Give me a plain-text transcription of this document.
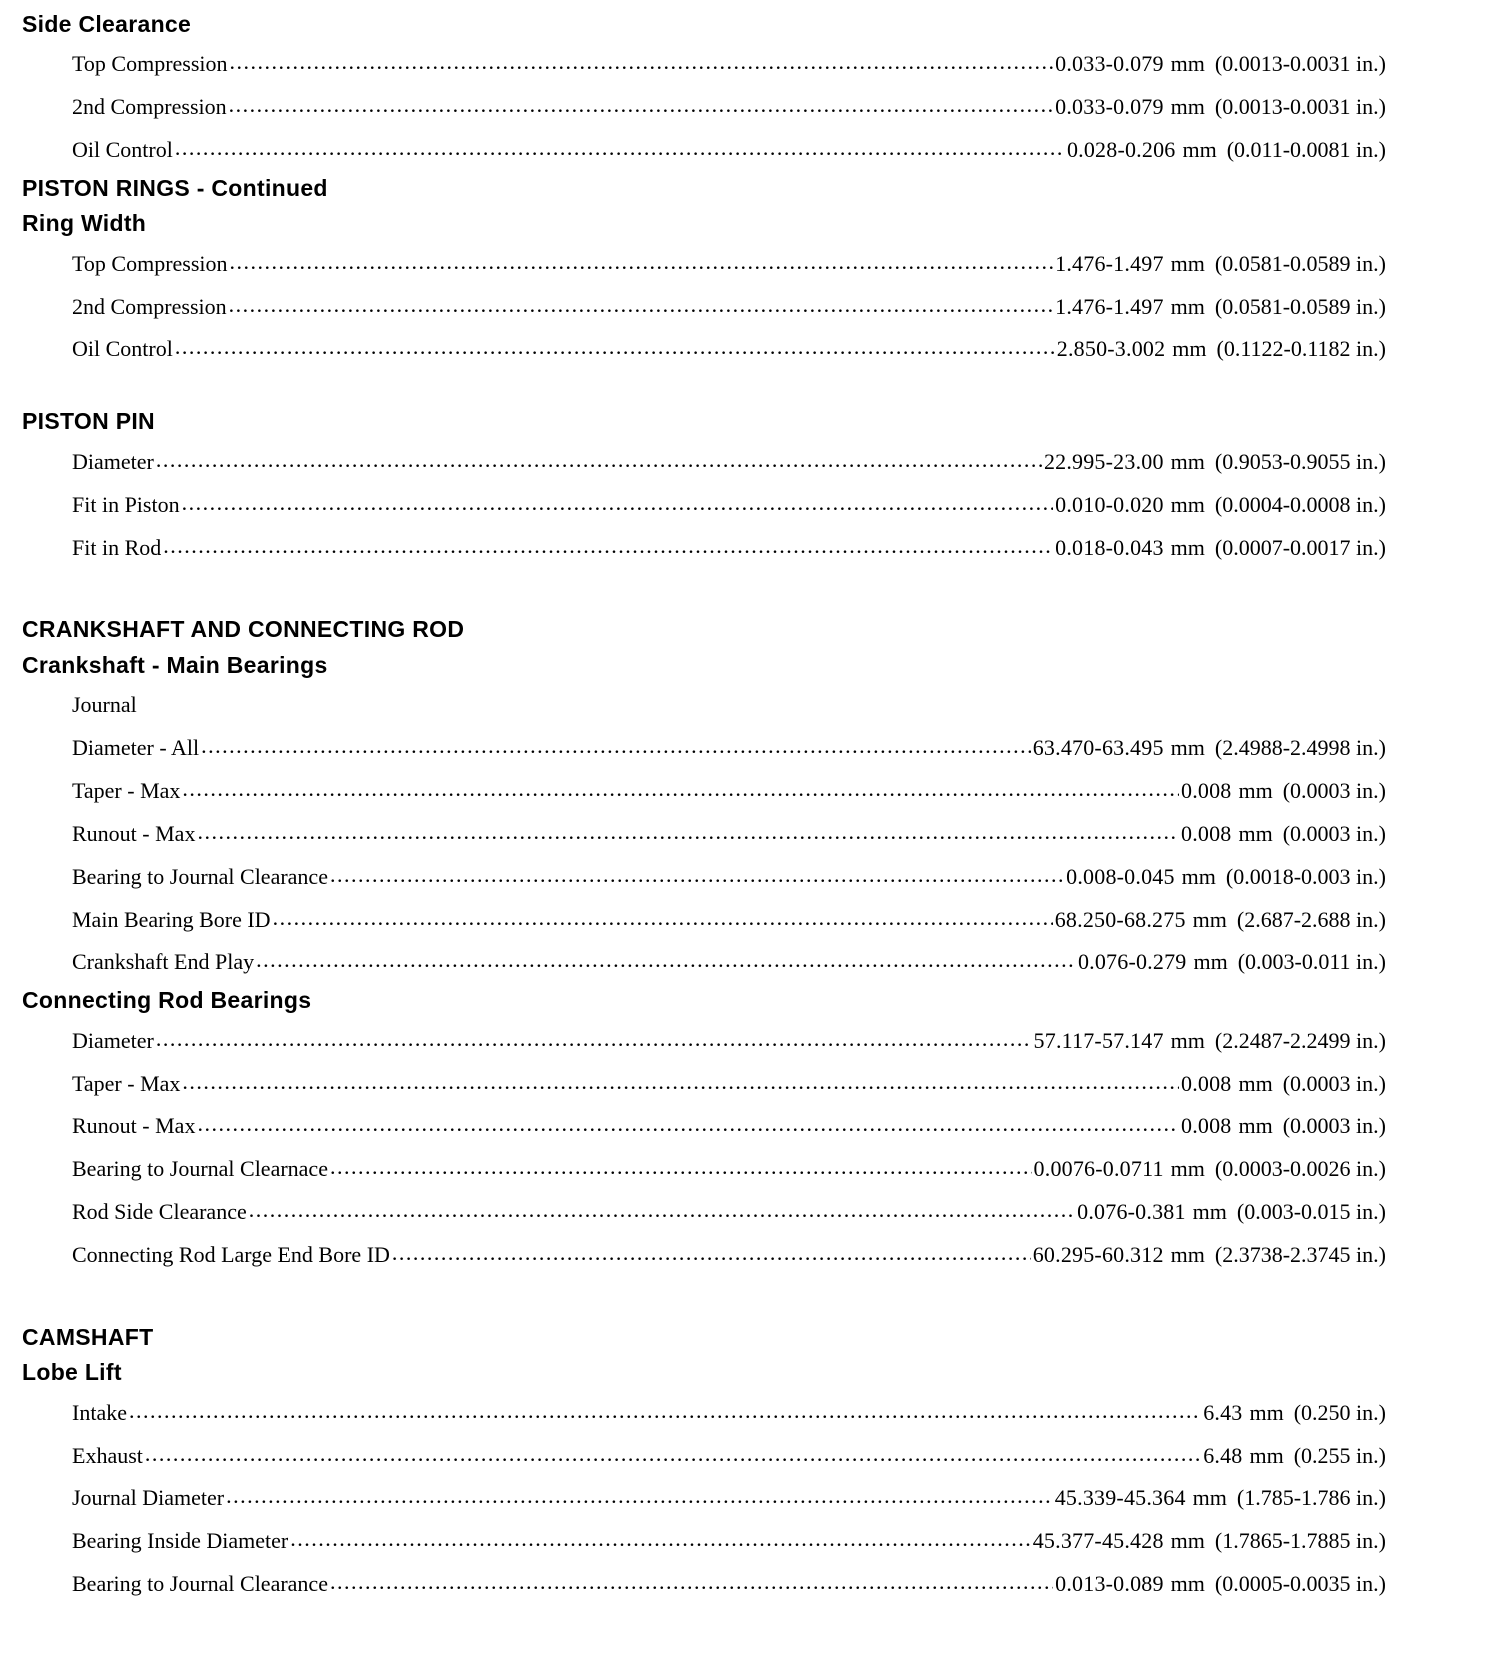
Side Clearance
Top Compression .....	0.033-0.079 mm (0.0013-0.0031 in.)
2nd Compression .....	0.033-0.079 mm (0.0013-0.0031 in.)
Oil Control .....	0.028-0.206 mm (0.011-0.0081 in.)
PISTON RINGS - Continued
Ring Width
Top Compression .....	1.476-1.497 mm (0.0581-0.0589 in.)
2nd Compression .....	1.476-1.497 mm (0.0581-0.0589 in.)
Oil Control .....	2.850-3.002 mm (0.1122-0.1182 in.)
PISTON PIN
Diameter .....	22.995-23.00 mm (0.9053-0.9055 in.)
Fit in Piston .....	0.010-0.020 mm (0.0004-0.0008 in.)
Fit in Rod .....	0.018-0.043 mm (0.0007-0.0017 in.)
CRANKSHAFT AND CONNECTING ROD
Crankshaft - Main Bearings
Journal
Diameter - All .....	63.470-63.495 mm (2.4988-2.4998 in.)
Taper - Max .....	0.008 mm (0.0003 in.)
Runout - Max .....	0.008 mm (0.0003 in.)
Bearing to Journal Clearance .....	0.008-0.045 mm (0.0018-0.003 in.)
Main Bearing Bore ID .....	68.250-68.275 mm (2.687-2.688 in.)
Crankshaft End Play .....	0.076-0.279 mm (0.003-0.011 in.)
Connecting Rod Bearings
Diameter .....	57.117-57.147 mm (2.2487-2.2499 in.)
Taper - Max .....	0.008 mm (0.0003 in.)
Runout - Max .....	0.008 mm (0.0003 in.)
Bearing to Journal Clearnace .....	0.0076-0.0711 mm (0.0003-0.0026 in.)
Rod Side Clearance .....	0.076-0.381 mm (0.003-0.015 in.)
Connecting Rod Large End Bore ID .....	60.295-60.312 mm (2.3738-2.3745 in.)
CAMSHAFT
Lobe Lift
Intake .....	6.43 mm (0.250 in.)
Exhaust .....	6.48 mm (0.255 in.)
Journal Diameter .....	45.339-45.364 mm (1.785-1.786 in.)
Bearing Inside Diameter .....	45.377-45.428 mm (1.7865-1.7885 in.)
Bearing to Journal Clearance .....	0.013-0.089 mm (0.0005-0.0035 in.)
